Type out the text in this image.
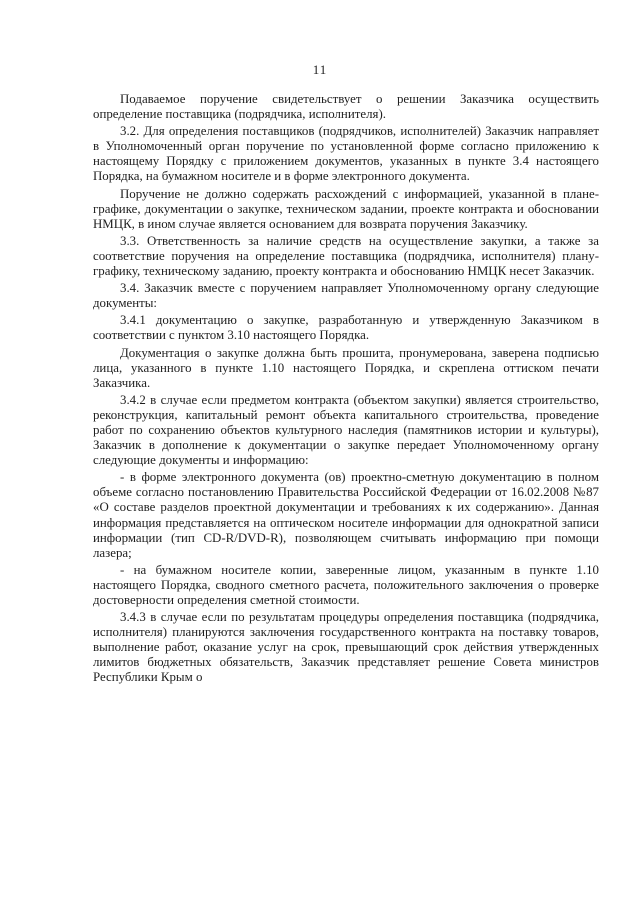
11

Подаваемое поручение свидетельствует о решении Заказчика осуществить определение поставщика (подрядчика, исполнителя).

3.2. Для определения поставщиков (подрядчиков, исполнителей) Заказчик направляет в Уполномоченный орган поручение по установленной форме согласно приложению к настоящему Порядку с приложением документов, указанных в пункте 3.4 настоящего Порядка, на бумажном носителе и в форме электронного документа.

Поручение не должно содержать расхождений с информацией, указанной в плане-графике, документации о закупке, техническом задании, проекте контракта и обосновании НМЦК, в ином случае является основанием для возврата поручения Заказчику.

3.3. Ответственность за наличие средств на осуществление закупки, а также за соответствие поручения на определение поставщика (подрядчика, исполнителя) плану-графику, техническому заданию, проекту контракта и обоснованию НМЦК несет Заказчик.

3.4. Заказчик вместе с поручением направляет Уполномоченному органу следующие документы:

3.4.1 документацию о закупке, разработанную и утвержденную Заказчиком в соответствии с пунктом 3.10 настоящего Порядка.

Документация о закупке должна быть прошита, пронумерована, заверена подписью лица, указанного в пункте 1.10 настоящего Порядка, и скреплена оттиском печати Заказчика.

3.4.2 в случае если предметом контракта (объектом закупки) является строительство, реконструкция, капитальный ремонт объекта капитального строительства, проведение работ по сохранению объектов культурного наследия (памятников истории и культуры), Заказчик в дополнение к документации о закупке передает Уполномоченному органу следующие документы и информацию:

- в форме электронного документа (ов) проектно-сметную документацию в полном объеме согласно постановлению Правительства Российской Федерации от 16.02.2008 №87 «О составе разделов проектной документации и требованиях к их содержанию». Данная информация представляется на оптическом носителе информации для однократной записи информации (тип CD-R/DVD-R), позволяющем считывать информацию при помощи лазера;

- на бумажном носителе копии, заверенные лицом, указанным в пункте 1.10 настоящего Порядка, сводного сметного расчета, положительного заключения о проверке достоверности определения сметной стоимости.

3.4.3 в случае если по результатам процедуры определения поставщика (подрядчика, исполнителя) планируются заключения государственного контракта на поставку товаров, выполнение работ, оказание услуг на срок, превышающий срок действия утвержденных лимитов бюджетных обязательств, Заказчик представляет решение Совета министров Республики Крым о
